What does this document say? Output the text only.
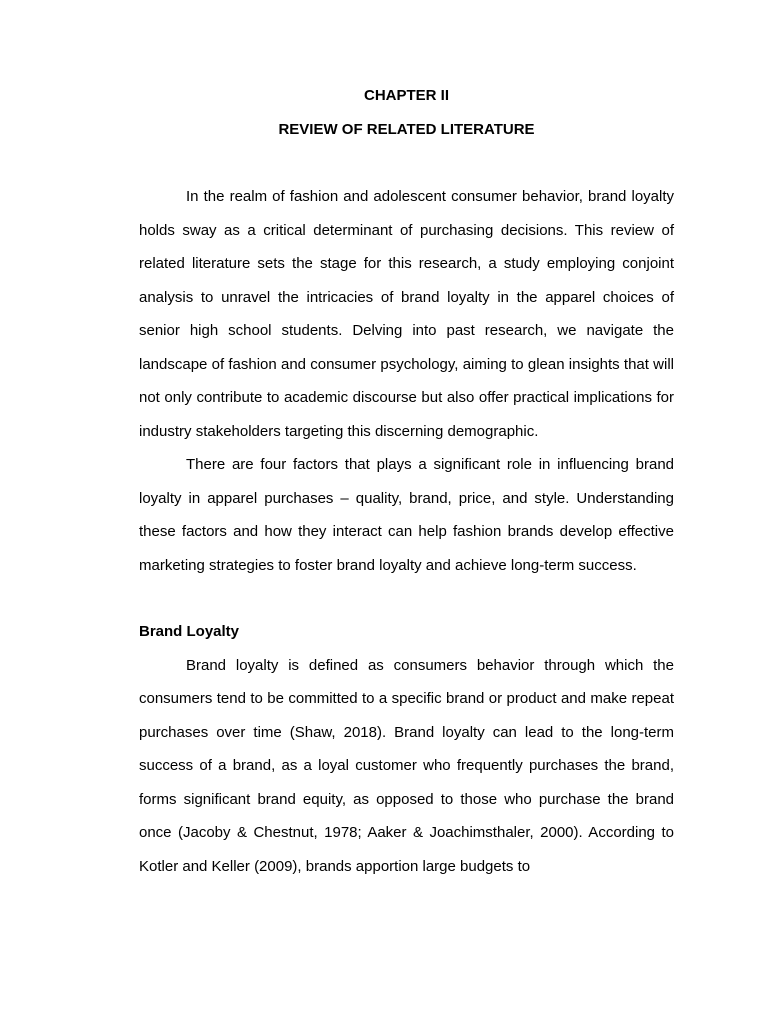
CHAPTER II
REVIEW OF RELATED LITERATURE

In the realm of fashion and adolescent consumer behavior, brand loyalty holds sway as a critical determinant of purchasing decisions. This review of related literature sets the stage for this research, a study employing conjoint analysis to unravel the intricacies of brand loyalty in the apparel choices of senior high school students. Delving into past research, we navigate the landscape of fashion and consumer psychology, aiming to glean insights that will not only contribute to academic discourse but also offer practical implications for industry stakeholders targeting this discerning demographic.

There are four factors that plays a significant role in influencing brand loyalty in apparel purchases – quality, brand, price, and style. Understanding these factors and how they interact can help fashion brands develop effective marketing strategies to foster brand loyalty and achieve long-term success.

Brand Loyalty

Brand loyalty is defined as consumers behavior through which the consumers tend to be committed to a specific brand or product and make repeat purchases over time (Shaw, 2018). Brand loyalty can lead to the long-term success of a brand, as a loyal customer who frequently purchases the brand, forms significant brand equity, as opposed to those who purchase the brand once (Jacoby & Chestnut, 1978; Aaker & Joachimsthaler, 2000). According to Kotler and Keller (2009), brands apportion large budgets to
